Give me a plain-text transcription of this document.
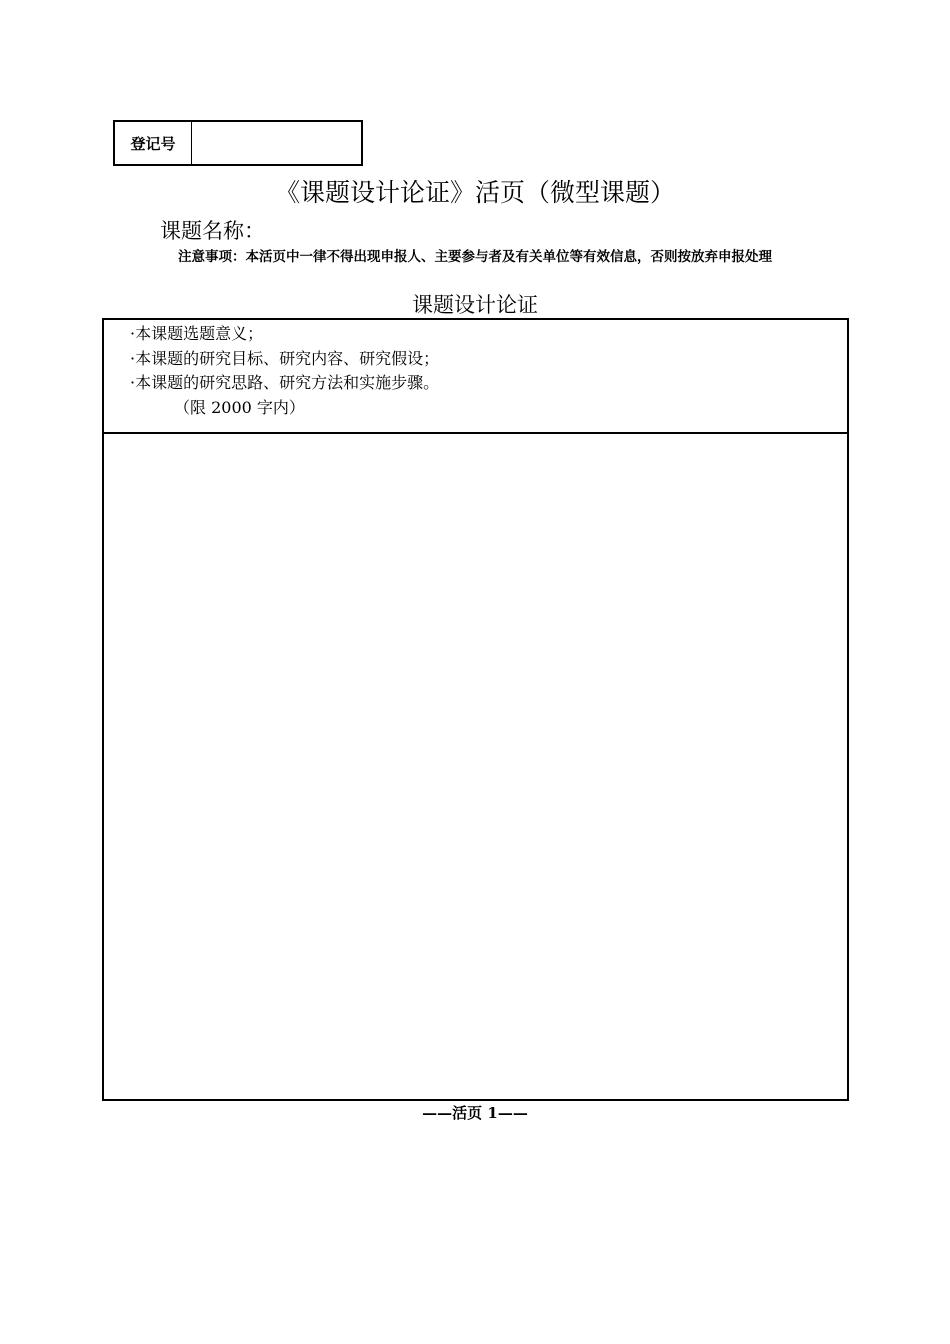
登记号
《课题设计论证》活页（微型课题）
课题名称：
注意事项：本活页中一律不得出现申报人、主要参与者及有关单位等有效信息，否则按放弃申报处理
课题设计论证
·本课题选题意义；
·本课题的研究目标、研究内容、研究假设；
·本课题的研究思路、研究方法和实施步骤。
（限 2000 字内）
——活页 1——
